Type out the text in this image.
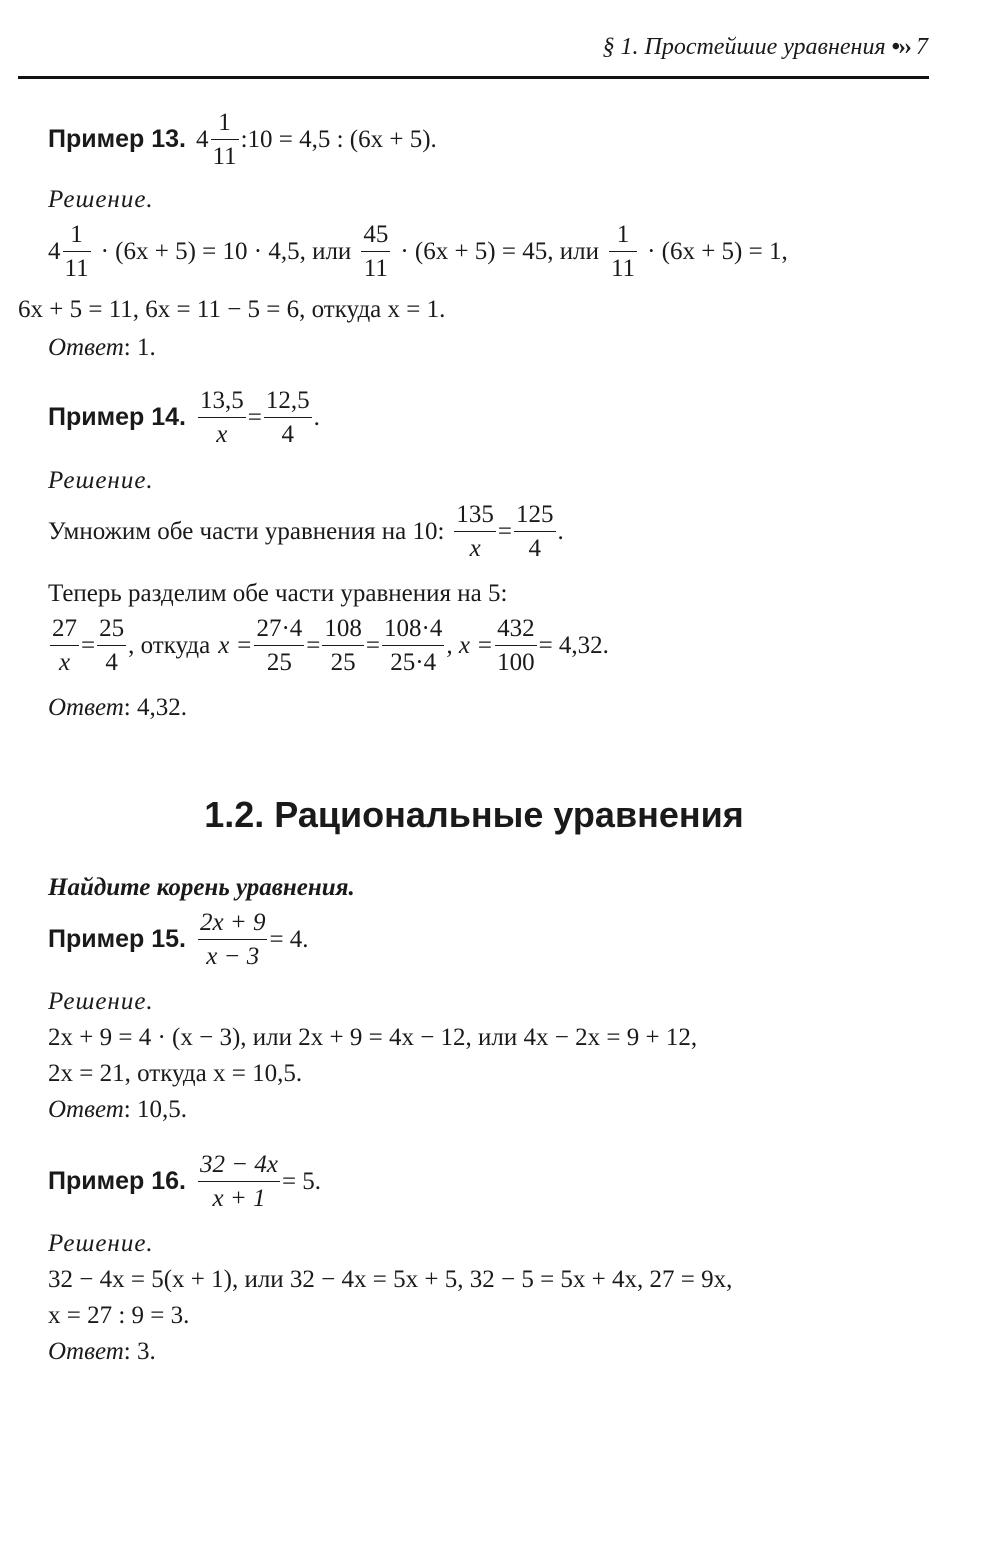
§ 1. Простейшие уравнения •›› 7
Пример 13. $4 \frac{1}{11}$ :10 = 4,5 : (6x + 5).
Решение.
$4 \frac{1}{11} \cdot (6x + 5) = 10 \cdot 4,5$, или $\frac{45}{11} \cdot (6x + 5) = 45$, или $\frac{1}{11} \cdot (6x + 5) = 1$,
6x + 5 = 11, 6x = 11 − 5 = 6, откуда x = 1.
Ответ: 1.
Пример 14. $\frac{13,5}{x} = \frac{12,5}{4}$ .
Решение.
Умножим обе части уравнения на 10: $\frac{135}{x} = \frac{125}{4}$ .
Теперь разделим обе части уравнения на 5:
$\frac{27}{x} = \frac{25}{4}$ , откуда $x = \frac{27\cdot 4}{25} = \frac{108}{25} = \frac{108\cdot 4}{25\cdot 4}$ , $x = \frac{432}{100} = 4,32$.
Ответ: 4,32.
1.2. Рациональные уравнения
Найдите корень уравнения.
Пример 15. $\frac{2x + 9}{x - 3} = 4$.
Решение.
2x + 9 = 4 · (x − 3), или 2x + 9 = 4x − 12, или 4x − 2x = 9 + 12,
2x = 21, откуда x = 10,5.
Ответ: 10,5.
Пример 16. $\frac{32 - 4x}{x + 1} = 5$.
Решение.
32 − 4x = 5(x + 1), или 32 − 4x = 5x + 5, 32 − 5 = 5x + 4x, 27 = 9x,
x = 27 : 9 = 3.
Ответ: 3.
